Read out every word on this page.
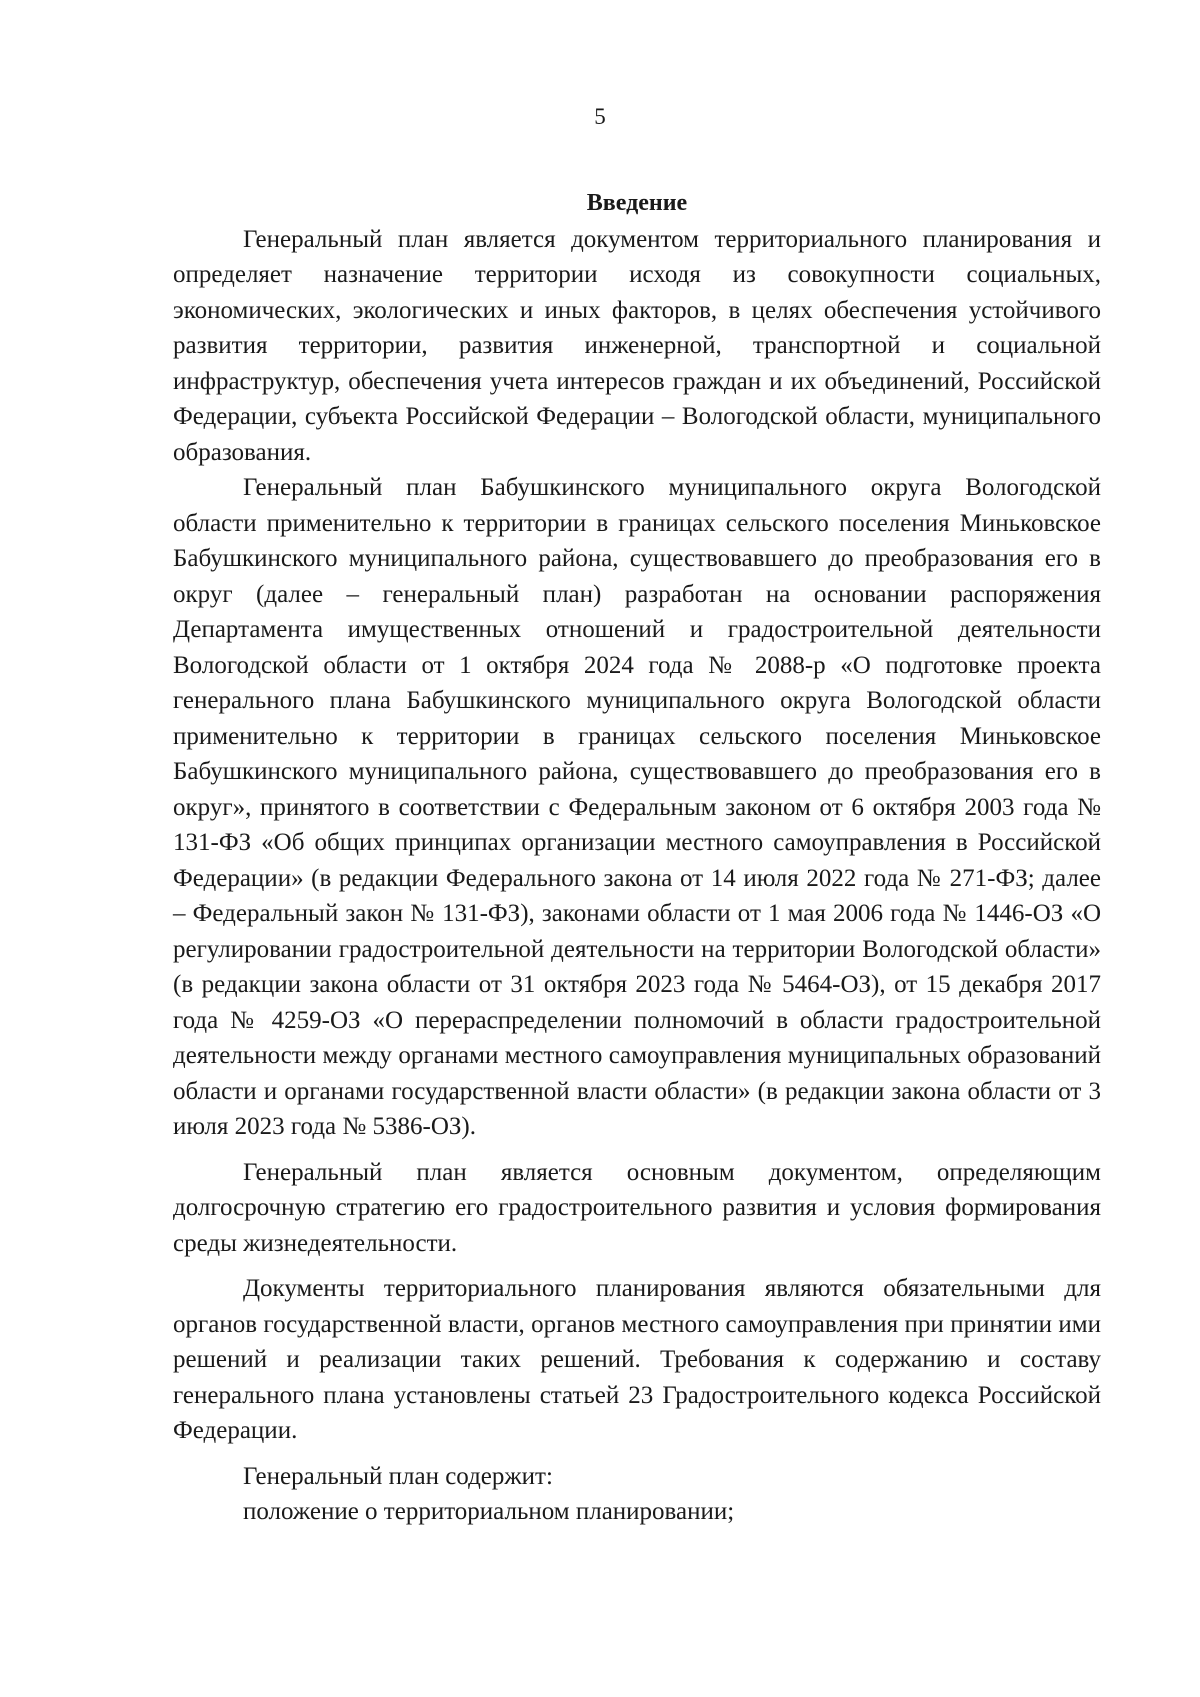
5

Введение

Генеральный план является документом территориального планирования и определяет назначение территории исходя из совокупности социальных, экономических, экологических и иных факторов, в целях обеспечения устойчивого развития территории, развития инженерной, транспортной и социальной инфраструктур, обеспечения учета интересов граждан и их объединений, Российской Федерации, субъекта Российской Федерации – Вологодской области, муниципального образования.

Генеральный план Бабушкинского муниципального округа Вологодской области применительно к территории в границах сельского поселения Миньковское Бабушкинского муниципального района, существовавшего до преобразования его в округ (далее – генеральный план) разработан на основании распоряжения Департамента имущественных отношений и градостроительной деятельности Вологодской области от 1 октября 2024 года № 2088-р «О подготовке проекта генерального плана Бабушкинского муниципального округа Вологодской области применительно к территории в границах сельского поселения Миньковское Бабушкинского муниципального района, существовавшего до преобразования его в округ», принятого в соответствии с Федеральным законом от 6 октября 2003 года № 131-ФЗ «Об общих принципах организации местного самоуправления в Российской Федерации» (в редакции Федерального закона от 14 июля 2022 года № 271-ФЗ; далее – Федеральный закон № 131-ФЗ), законами области от 1 мая 2006 года № 1446-ОЗ «О регулировании градостроительной деятельности на территории Вологодской области» (в редакции закона области от 31 октября 2023 года № 5464-ОЗ), от 15 декабря 2017 года № 4259-ОЗ «О перераспределении полномочий в области градостроительной деятельности между органами местного самоуправления муниципальных образований области и органами государственной власти области» (в редакции закона области от 3 июля 2023 года № 5386-ОЗ).

Генеральный план является основным документом, определяющим долгосрочную стратегию его градостроительного развития и условия формирования среды жизнедеятельности.

Документы территориального планирования являются обязательными для органов государственной власти, органов местного самоуправления при принятии ими решений и реализации таких решений. Требования к содержанию и составу генерального плана установлены статьей 23 Градостроительного кодекса Российской Федерации.

Генеральный план содержит:

положение о территориальном планировании;
